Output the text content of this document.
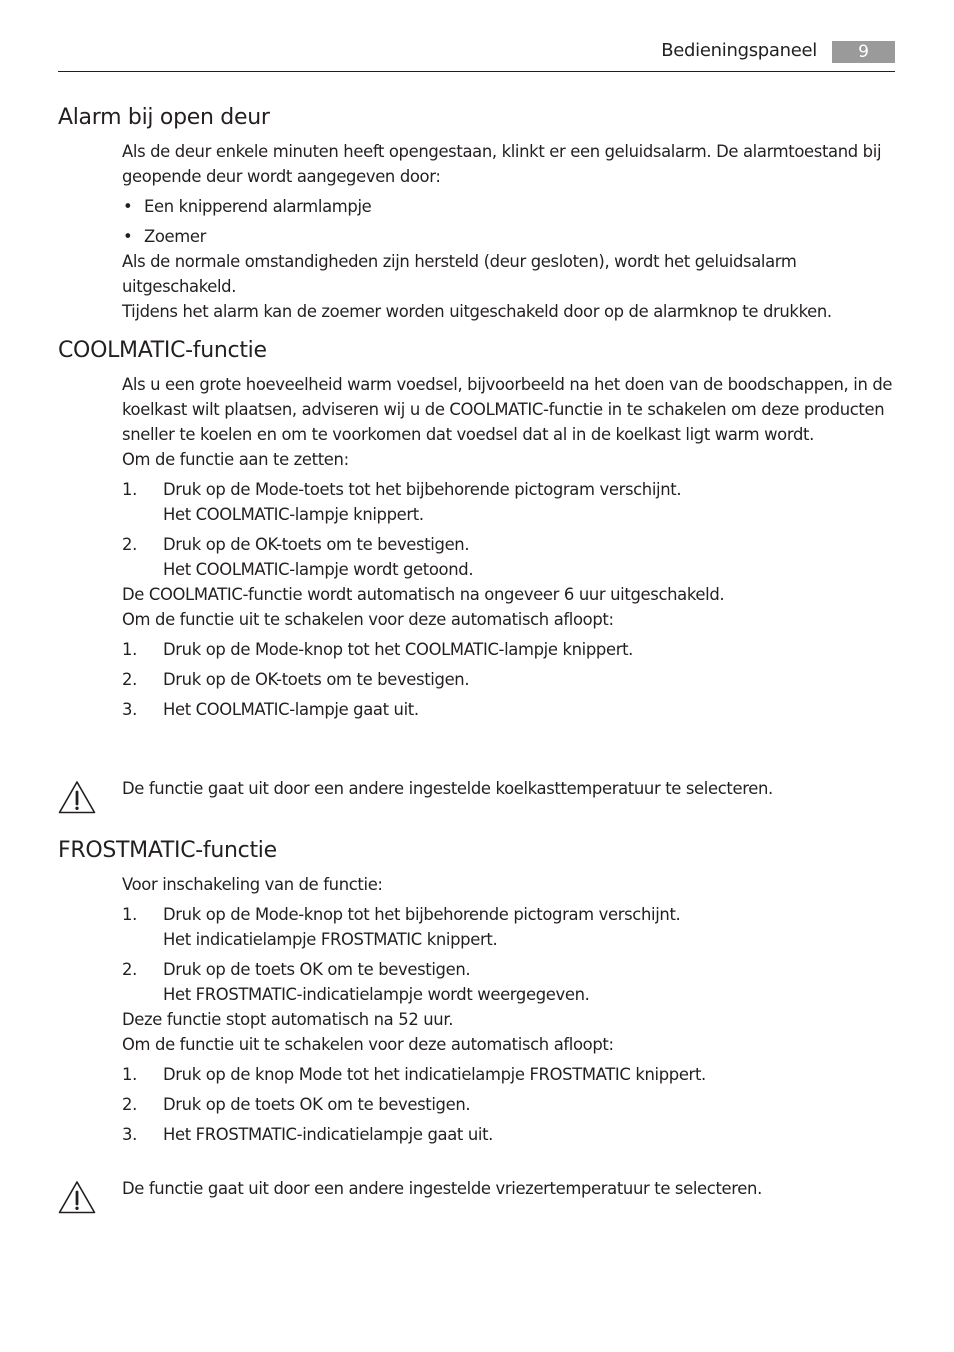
Bedieningspaneel	9
Alarm bij open deur

Als de deur enkele minuten heeft opengestaan, klinkt er een geluidsalarm. De alarmtoestand bij geopende deur wordt aangegeven door:

• Een knipperend alarmlampje
• Zoemer

Als de normale omstandigheden zijn hersteld (deur gesloten), wordt het geluidsalarm uitgeschakeld.

Tijdens het alarm kan de zoemer worden uitgeschakeld door op de alarmknop te drukken.

COOLMATIC-functie

Als u een grote hoeveelheid warm voedsel, bijvoorbeeld na het doen van de boodschappen, in de koelkast wilt plaatsen, adviseren wij u de COOLMATIC-functie in te schakelen om deze producten sneller te koelen en om te voorkomen dat voedsel dat al in de koelkast ligt warm wordt.

Om de functie aan te zetten:

1. Druk op de Mode-toets tot het bijbehorende pictogram verschijnt.

Het COOLMATIC-lampje knippert.

2. Druk op de OK-toets om te bevestigen.

Het COOLMATIC-lampje wordt getoond.

De COOLMATIC-functie wordt automatisch na ongeveer 6 uur uitgeschakeld.

Om de functie uit te schakelen voor deze automatisch afloopt:

1. Druk op de Mode-knop tot het COOLMATIC-lampje knippert.
2. Druk op de OK-toets om te bevestigen.
3. Het COOLMATIC-lampje gaat uit.
De functie gaat uit door een andere ingestelde koelkasttemperatuur te selecteren.
FROSTMATIC-functie

Voor inschakeling van de functie:

1. Druk op de Mode-knop tot het bijbehorende pictogram verschijnt.

Het indicatielampje FROSTMATIC knippert.

2. Druk op de toets OK om te bevestigen.

Het FROSTMATIC-indicatielampje wordt weergegeven.

Deze functie stopt automatisch na 52 uur.

Om de functie uit te schakelen voor deze automatisch afloopt:

1. Druk op de knop Mode tot het indicatielampje FROSTMATIC knippert.
2. Druk op de toets OK om te bevestigen.
3. Het FROSTMATIC-indicatielampje gaat uit.
De functie gaat uit door een andere ingestelde vriezertemperatuur te selecteren.
